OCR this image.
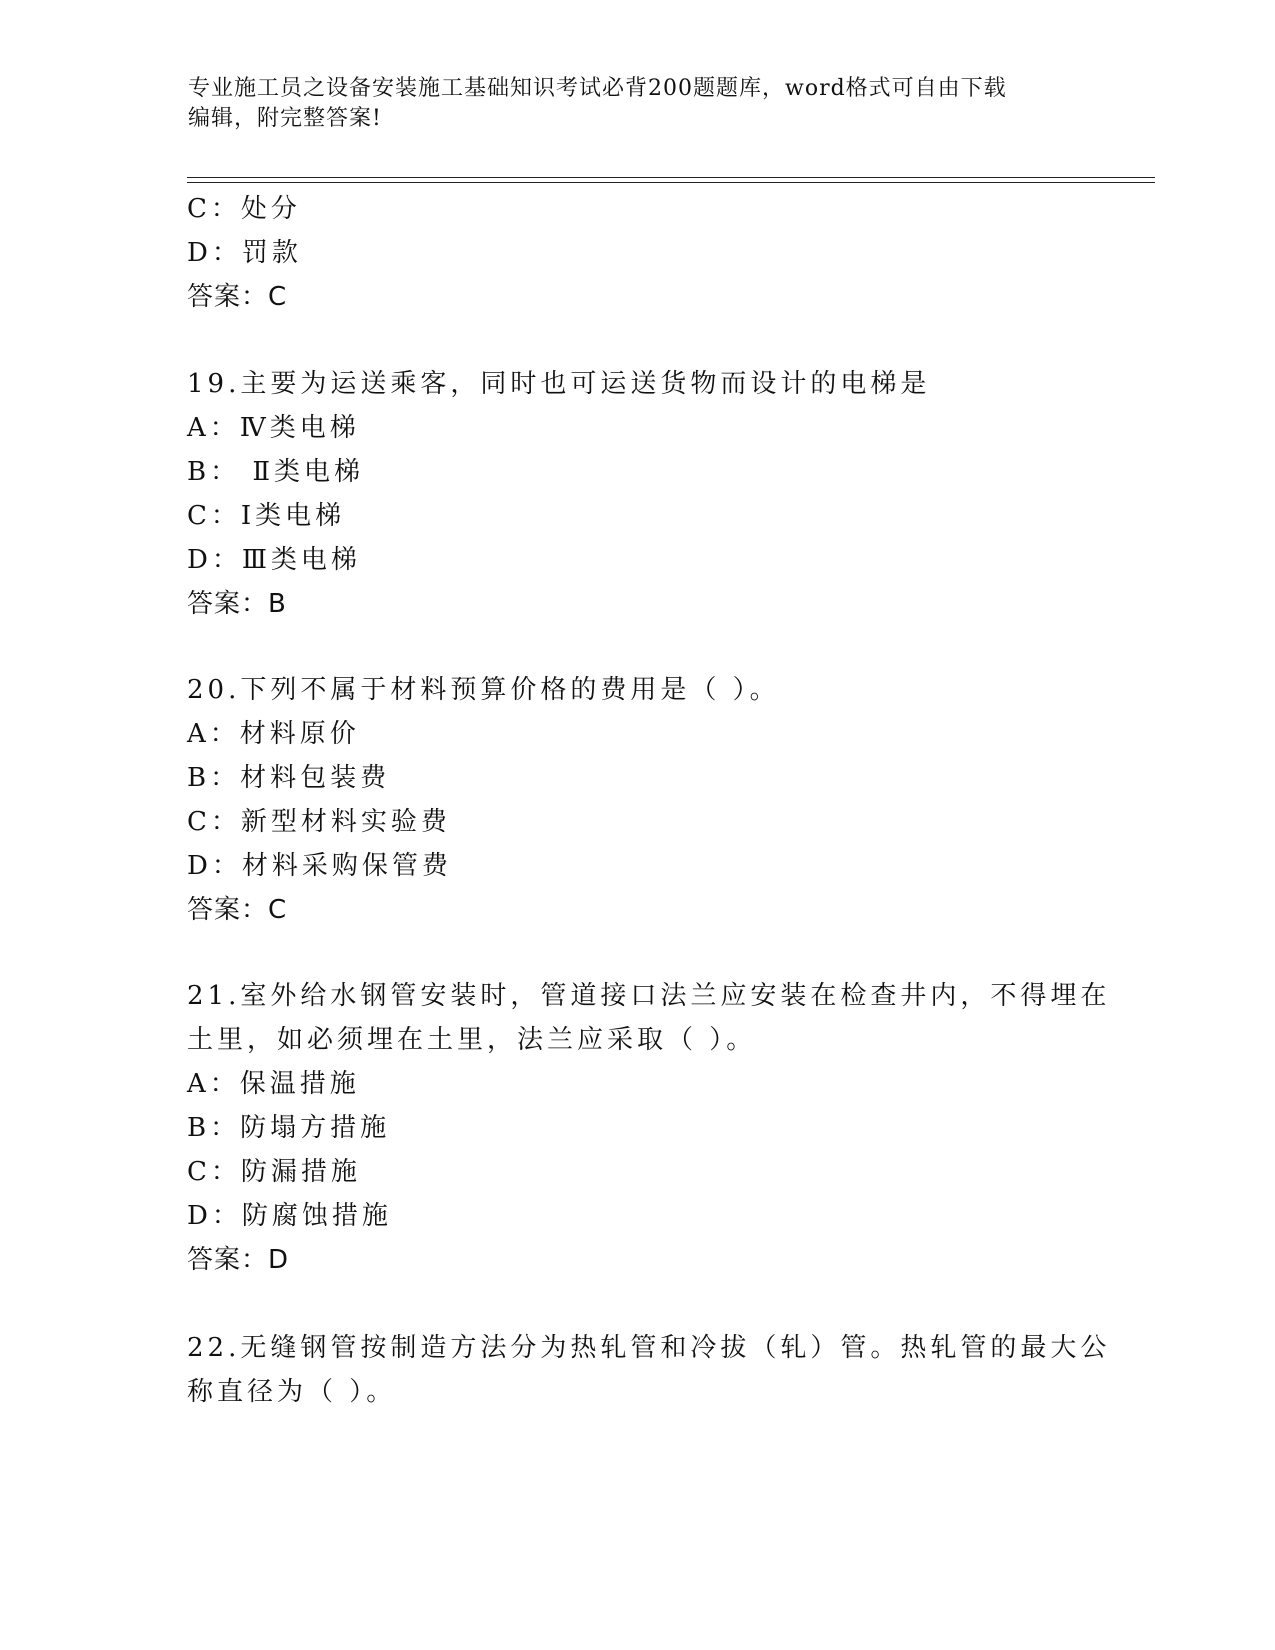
专业施工员之设备安装施工基础知识考试必背200题题库，word格式可自由下载
编辑，附完整答案!
C：处分
D：罚款
答案：C
19.主要为运送乘客，同时也可运送货物而设计的电梯是
A：Ⅳ类电梯
B： Ⅱ类电梯
C：Ⅰ类电梯
D：Ⅲ类电梯
答案：B
20.下列不属于材料预算价格的费用是（ ）。
A：材料原价
B：材料包装费
C：新型材料实验费
D：材料采购保管费
答案：C
21.室外给水钢管安装时，管道接口法兰应安装在检查井内，不得埋在
土里，如必须埋在土里，法兰应采取（ ）。
A：保温措施
B：防塌方措施
C：防漏措施
D：防腐蚀措施
答案：D
22.无缝钢管按制造方法分为热轧管和冷拔（轧）管。热轧管的最大公
称直径为（ ）。
